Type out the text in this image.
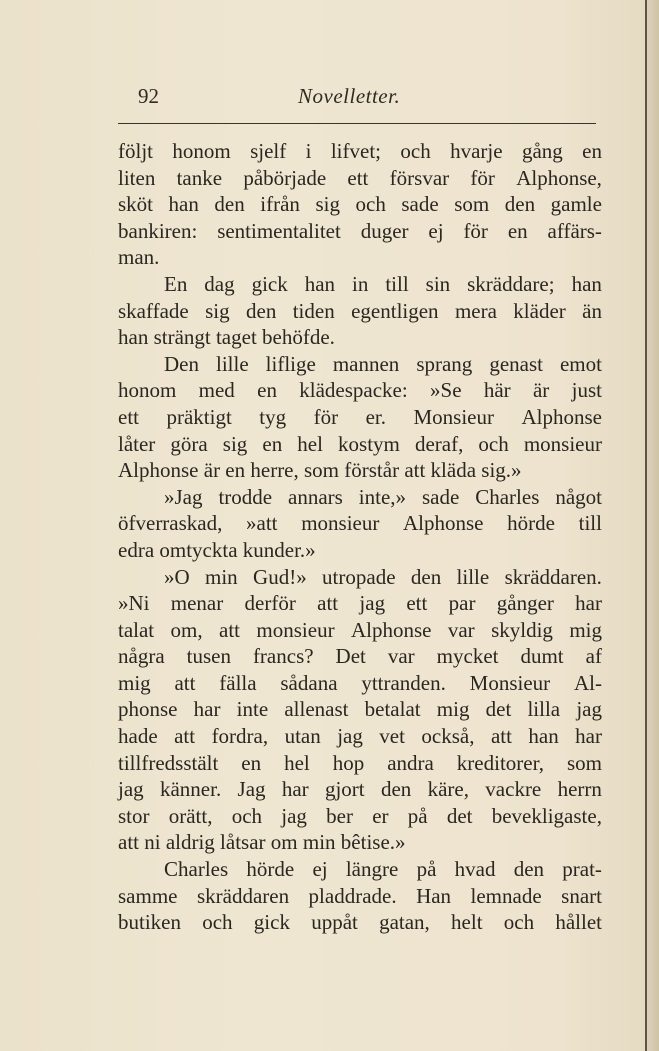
92	Novelletter.
följt honom sjelf i lifvet; och hvarje gång en
liten tanke påbörjade ett försvar för Alphonse,
sköt han den ifrån sig och sade som den gamle
bankiren: sentimentalitet duger ej för en affärs-
man.
En dag gick han in till sin skräddare; han
skaffade sig den tiden egentligen mera kläder än
han strängt taget behöfde.
Den lille lifligе mannen sprang genast emot
honom med en klädespacke: »Se här är just
ett präktigt tyg för er. Monsieur Alphonse
låter göra sig en hel kostym deraf, och monsieur
Alphonse är en herre, som förstår att kläda sig.»
»Jag trodde annars inte,» sade Charles något
öfverraskad, »att monsieur Alphonse hörde till
edra omtyckta kunder.»
»O min Gud!» utropade den lille skräddaren.
»Ni menar derför att jag ett par gånger har
talat om, att monsieur Alphonse var skyldig mig
några tusen francs? Det var mycket dumt af
mig att fälla sådana yttranden. Monsieur Al-
phonse har inte allenast betalat mig det lilla jag
hade att fordra, utan jag vet också, att han har
tillfredsstält en hel hop andra kreditorer, som
jag känner. Jag har gjort den käre, vackre herrn
stor orätt, och jag ber er på det bevekligaste,
att ni aldrig låtsar om min bêtise.»
Charles hörde ej längre på hvad den prat-
samme skräddaren pladdrade. Han lemnade snart
butiken och gick uppåt gatan, helt och hållet
